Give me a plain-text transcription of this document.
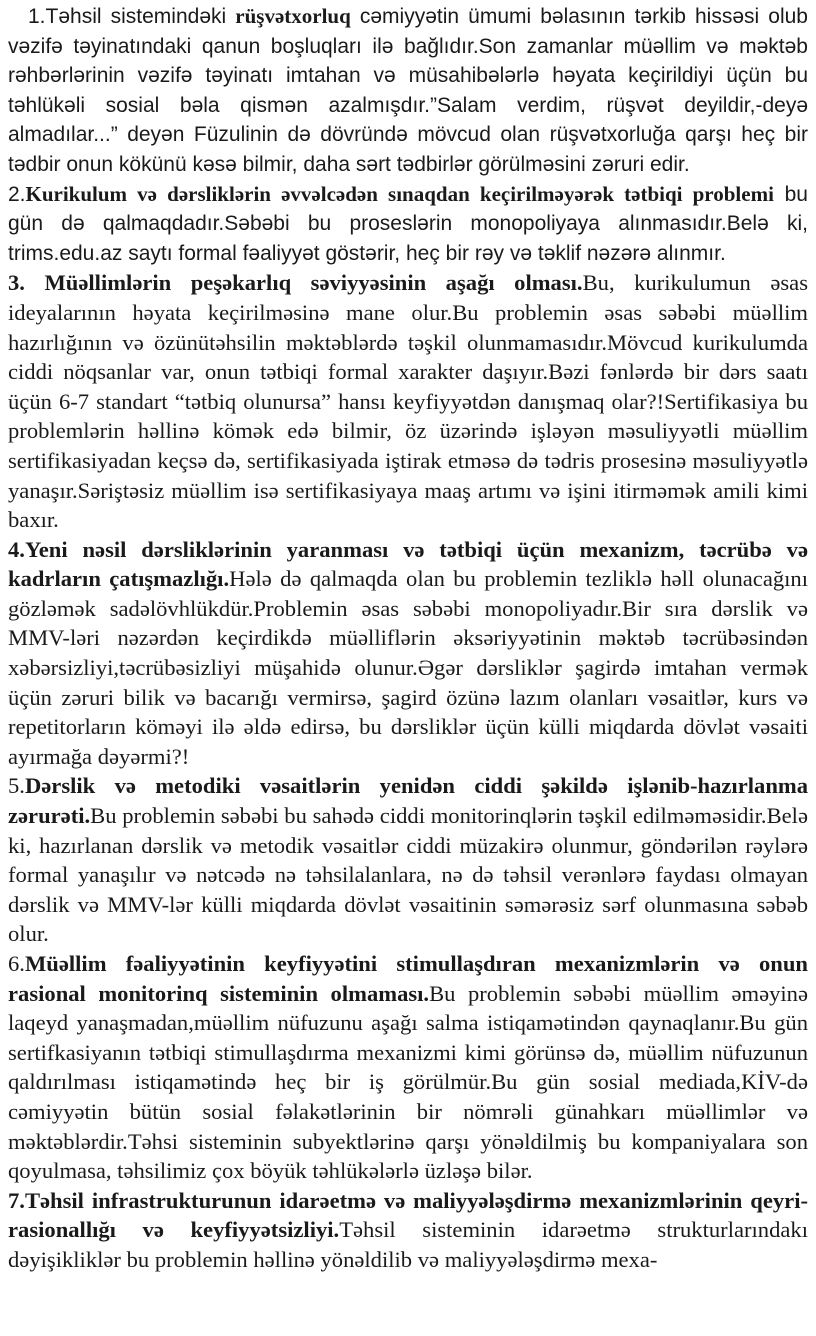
1.Təhsil sistemindəki rüşvətxorluq cəmiyyətin ümumi bəlasının tərkib hissəsi olub vəzifə təyinatındaki qanun boşluqları ilə bağlıdır.Son zamanlar müəllim və məktəb rəhbərlərinin vəzifə təyinatı imtahan və müsahibələrlə həyata keçirildiyi üçün bu təhlükəli sosial bəla qismən azalmışdır.”Salam verdim, rüşvət deyildir,-deyə almadılar...” deyən Füzulinin də dövründə mövcud olan rüşvətxorluğa qarşı heç bir tədbir onun kökünü kəsə bilmir, daha sərt tədbirlər görülməsini zəruri edir.

2.Kurikulum və dərsliklərin əvvəlcədən sınaqdan keçirilməyərək tətbiqi problemi bu gün də qalmaqdadır.Səbəbi bu proseslərin monopoliyaya alınmasıdır.Belə ki, trims.edu.az saytı formal fəaliyyət göstərir, heç bir rəy və təklif nəzərə alınmır.

3. Müəllimlərin peşəkarlıq səviyyəsinin aşağı olması.Bu, kurikulumun əsas ideyalarının həyata keçirilməsinə mane olur.Bu problemin əsas səbəbi müəllim hazırlığının və özünütəhsilin məktəblərdə təşkil olunmamasıdır.Mövcud kurikulumda ciddi nöqsanlar var, onun tətbiqi formal xarakter daşıyır.Bəzi fənlərdə bir dərs saatı üçün 6-7 standart “tətbiq olunursa” hansı keyfiyyətdən danışmaq olar?!Sertifikasiya bu problemlərin həllinə kömək edə bilmir, öz üzərində işləyən məsuliyyətli müəllim sertifikasiyadan keçsə də, sertifikasiyada iştirak etməsə də tədris prosesinə məsuliyyətlə yanaşır.Səriştəsiz müəllim isə sertifikasiyaya maaş artımı və işini itirməmək amili kimi baxır.

4.Yeni nəsil dərsliklərinin yaranması və tətbiqi üçün mexanizm, təcrübə və kadrların çatışmazlığı.Hələ də qalmaqda olan bu problemin tezliklə həll olunacağını gözləmək sadəlövhlükdür.Problemin əsas səbəbi monopoliyadır.Bir sıra dərslik və MMV-ləri nəzərdən keçirdikdə müəlliflərin əksəriyyətinin məktəb təcrübəsindən xəbərsizliyi,təcrübəsizliyi müşahidə olunur.Əgər dərsliklər şagirdə imtahan vermək üçün zəruri bilik və bacarığı vermirsə, şagird özünə lazım olanları vəsaitlər, kurs və repetitorların köməyi ilə əldə edirsə, bu dərsliklər üçün külli miqdarda dövlət vəsaiti ayırmağa dəyərmi?!

5.Dərslik və metodiki vəsaitlərin yenidən ciddi şəkildə işlənib-hazırlanma zərurəti.Bu problemin səbəbi bu sahədə ciddi monitorinqlərin təşkil edilməməsidir.Belə ki, hazırlanan dərslik və metodik vəsaitlər ciddi müzakirə olunmur, göndərilən rəylərə formal yanaşılır və nətcədə nə təhsilalanlara, nə də təhsil verənlərə faydası olmayan dərslik və MMV-lər külli miqdarda dövlət vəsaitinin səmərəsiz sərf olunmasına səbəb olur.

6.Müəllim fəaliyyətinin keyfiyyətini stimullaşdıran mexanizmlərin və onun rasional monitorinq sisteminin olmaması.Bu problemin səbəbi müəllim əməyinə laqeyd yanaşmadan,müəllim nüfuzunu aşağı salma istiqamətindən qaynaqlanır.Bu gün sertifkasiyanın tətbiqi stimullaşdırma mexanizmi kimi görünsə də, müəllim nüfuzunun qaldırılması istiqamətində heç bir iş görülmür.Bu gün sosial mediada,KİV-də cəmiyyətin bütün sosial fəlakətlərinin bir nömrəli günahkarı müəllimlər və məktəblərdir.Təhsi sisteminin subyektlərinə qarşı yönəldilmiş bu kompaniyalara son qoyulmasa, təhsilimiz çox böyük təhlükələrlə üzləşə bilər.

7.Təhsil infrastrukturunun idarəetmə və maliyyələşdirmə mexanizmlərinin qeyri-rasionallığı və keyfiyyətsizliyi.Təhsil sisteminin idarəetmə strukturlarındakı dəyişikliklər bu problemin həllinə yönəldilib və maliyyələşdirmə mexa-
